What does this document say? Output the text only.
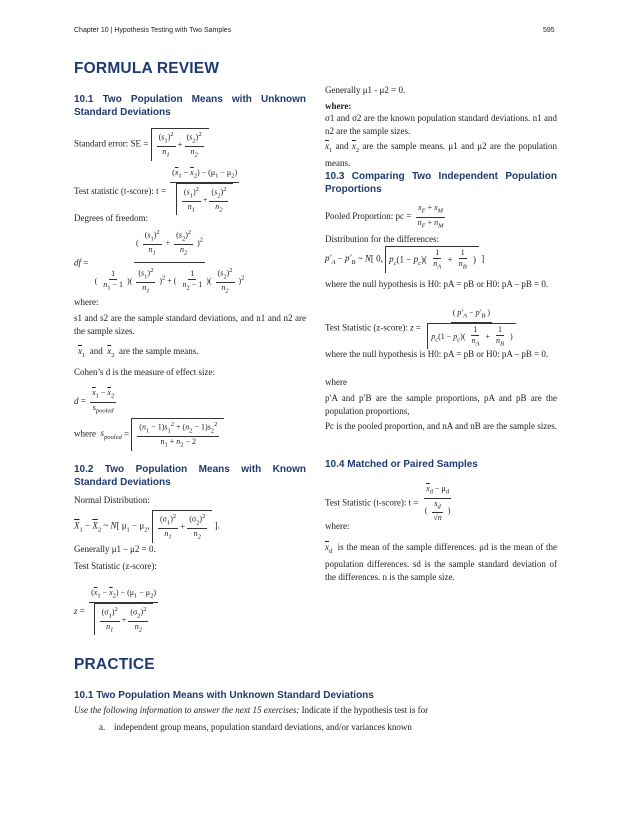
Chapter 10 | Hypothesis Testing with Two Samples	595
FORMULA REVIEW
10.1 Two Population Means with Unknown Standard Deviations
Standard error: SE = $\frac{(s_1)^2}{n_1} + \frac{(s_2)^2}{n_2}$
Test statistic (t-score): $t = \frac{(\overline{x}_1 - \overline{x}_2) - (\mu_1 - \mu_2)}{\frac{(s_1)^2}{n_1} + \frac{(s_2)^2}{n_2}}$
Degrees of freedom:
df = $\frac{( \frac{(s_1)^2}{n_1} + \frac{(s_2)^2}{n_2} )^2}{( \frac{1}{n_1 - 1} )( \frac{(s_1)^2}{n_1} )^2 + ( \frac{1}{n_2 - 1} )( \frac{(s_2)^2}{n_2} )^2}$
where:
s1 and s2 are the sample standard deviations, and n1 and n2 are the sample sizes.
$\overline{x}_1$ and $\overline{x}_2$ are the sample means.
Cohen’s d is the measure of effect size:
$d = \frac{\overline{x}_1 - \overline{x}_2}{s_{pooled}}$
where $s_{pooled} = \frac{(n_1 - 1)s_1^2 + (n_2 - 1)s_2^2}{n_1 + n_2 - 2}$
10.2 Two Population Means with Known Standard Deviations
Normal Distribution:
$\overline{X}_1 - \overline{X}_2$ ~ N[ $\mu_1 - \mu_2$, $\frac{(\sigma_1)^2}{n_1} + \frac{(\sigma_2)^2}{n_2}$ ].
Generally μ1 – μ2 = 0.
Test Statistic (z-score):
$z = \frac{(\overline{x}_1 - \overline{x}_2) - (\mu_1 - \mu_2)}{\frac{(\sigma_1)^2}{n_1} + \frac{(\sigma_2)^2}{n_2}}$
Generally μ1 - μ2 = 0.
where:
σ1 and σ2 are the known population standard deviations. n1 and n2 are the sample sizes.
$\overline{x}_1$ and $\overline{x}_2$ are the sample means. μ1 and μ2 are the population means.
10.3 Comparing Two Independent Population Proportions
Pooled Proportion: pc = $\frac{x_F + x_M}{n_F + n_M}$
Distribution for the differences:
$p'_A - p'_B$ ~ N[ 0, $p_c(1 - p_c)( \frac{1}{n_A} + \frac{1}{n_B}$ ) ]
where the null hypothesis is H0: pA = pB or H0: pA – pB = 0.
Test Statistic (z-score): $z = \frac{( p'_A - p'_B )}{p_c(1 - p_c)( \frac{1}{n_A} + \frac{1}{n_B} )}$
where the null hypothesis is H0: pA = pB or H0: pA – pB = 0.
where
p′A and p′B are the sample proportions, pA and pB are the population proportions,
Pc is the pooled proportion, and nA and nB are the sample sizes.
10.4 Matched or Paired Samples
Test Statistic (t-score): $t = \frac{\overline{x}_d - \mu_d}{( \frac{s_d}{√n} )}$
where:
$\overline{x}_d$ is the mean of the sample differences. μd is the mean of the population differences. sd is the sample standard deviation of the differences. n is the sample size.
PRACTICE
10.1 Two Population Means with Unknown Standard Deviations
Use the following information to answer the next 15 exercises: Indicate if the hypothesis test is for
a. independent group means, population standard deviations, and/or variances known
